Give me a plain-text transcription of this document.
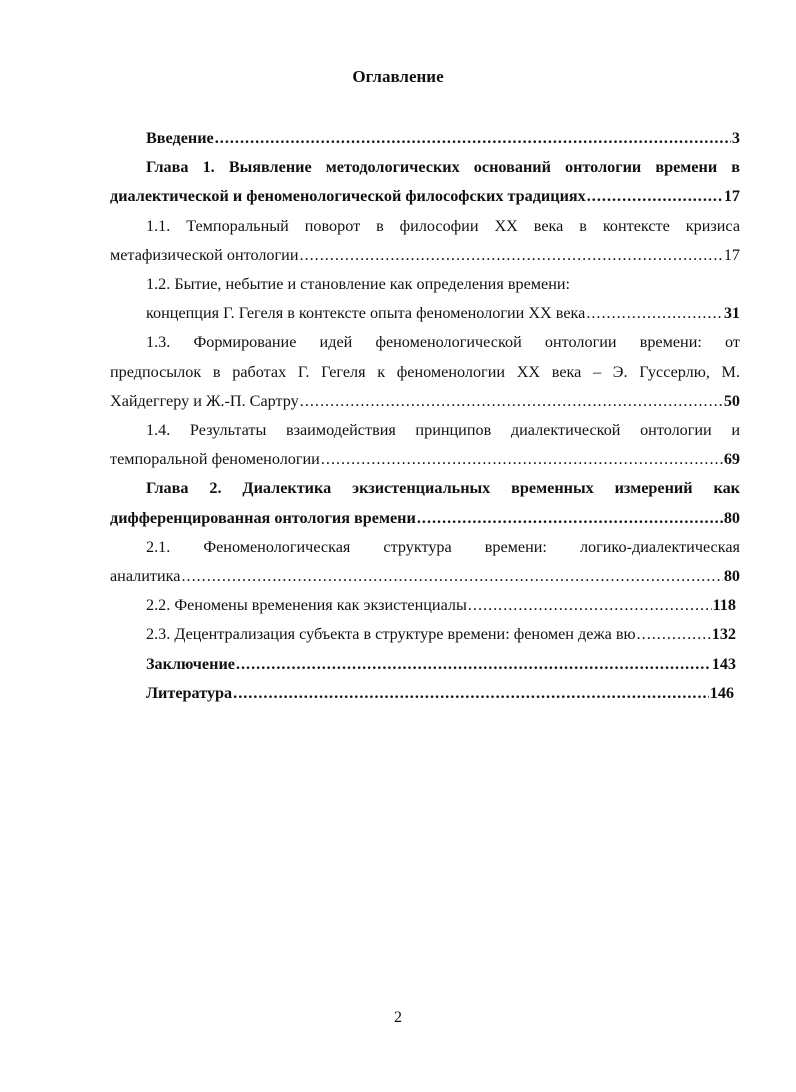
Оглавление
Введение .....	3
Глава 1. Выявление методологических оснований онтологии времени в
диалектической и феноменологической философских традициях .....	17
1.1. Темпоральный поворот в философии XX века в контексте кризиса
метафизической онтологии .....	17
1.2. Бытие, небытие и становление как определения времени:
концепция Г. Гегеля в контексте опыта феноменологии XX века .....	31
1.3. Формирование идей феноменологической онтологии времени: от
предпосылок в работах Г. Гегеля к феноменологии XX века – Э. Гуссерлю, М.
Хайдеггеру и Ж.-П. Сартру .....	50
1.4. Результаты взаимодействия принципов диалектической онтологии и
темпоральной феноменологии .....	69
Глава 2. Диалектика экзистенциальных временных измерений как
дифференцированная онтология времени .....	80
2.1. Феноменологическая структура времени: логико-диалектическая
аналитика .....	80
2.2. Феномены временения как экзистенциалы .....	118
2.3. Децентрализация субъекта в структуре времени: феномен дежа вю .....	132
Заключение .....	143
Литература .....	146
2
